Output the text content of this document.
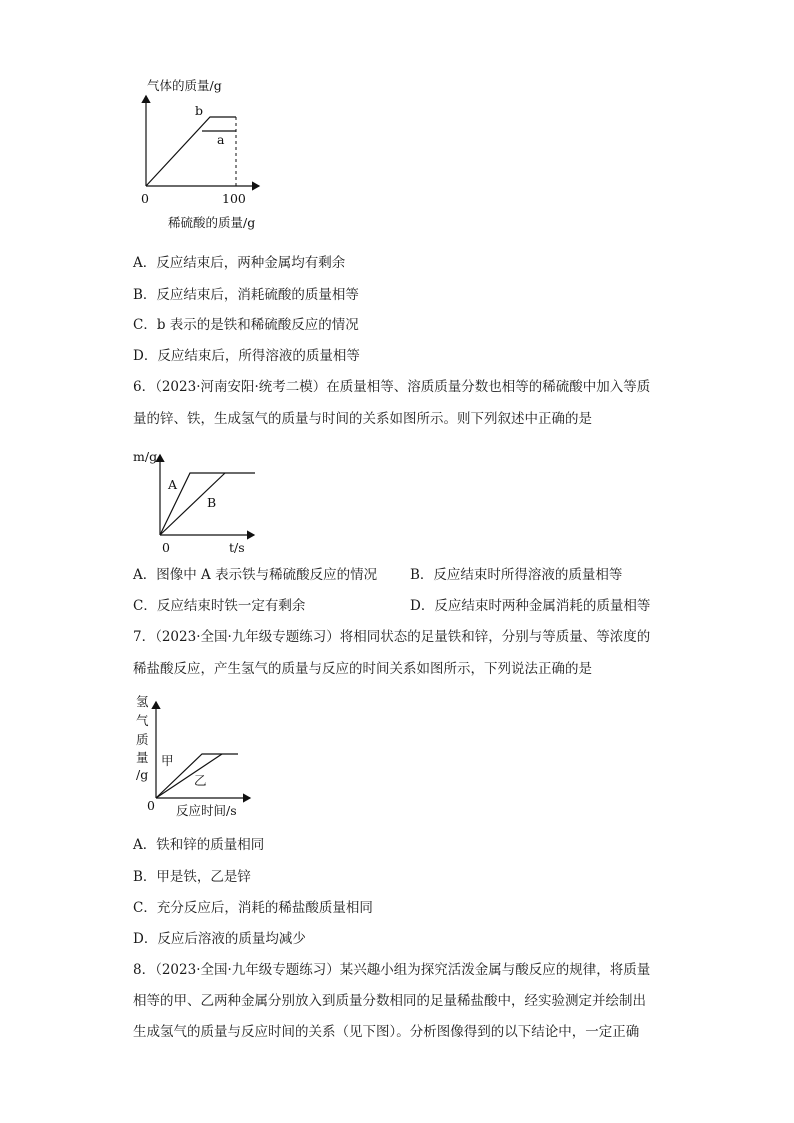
气体的质量/g
b
a
0	100
稀硫酸的质量/g
A．反应结束后，两种金属均有剩余
B．反应结束后，消耗硫酸的质量相等
C．b 表示的是铁和稀硫酸反应的情况
D．反应结束后，所得溶液的质量相等
6．（2023·河南安阳·统考二模）在质量相等、溶质质量分数也相等的稀硫酸中加入等质
量的锌、铁，生成氢气的质量与时间的关系如图所示。则下列叙述中正确的是
m/g
A
B
0	t/s
A．图像中 A 表示铁与稀硫酸反应的情况 B．反应结束时所得溶液的质量相等
C．反应结束时铁一定有剩余	D．反应结束时两种金属消耗的质量相等
7．（2023·全国·九年级专题练习）将相同状态的足量铁和锌，分别与等质量、等浓度的
稀盐酸反应，产生氢气的质量与反应的时间关系如图所示，下列说法正确的是
氢
气
质
量
/g
甲
乙
0 反应时间/s
A．铁和锌的质量相同
B．甲是铁，乙是锌
C．充分反应后，消耗的稀盐酸质量相同
D．反应后溶液的质量均减少
8．（2023·全国·九年级专题练习）某兴趣小组为探究活泼金属与酸反应的规律，将质量
相等的甲、乙两种金属分别放入到质量分数相同的足量稀盐酸中，经实验测定并绘制出
生成氢气的质量与反应时间的关系（见下图）。分析图像得到的以下结论中，一定正确
